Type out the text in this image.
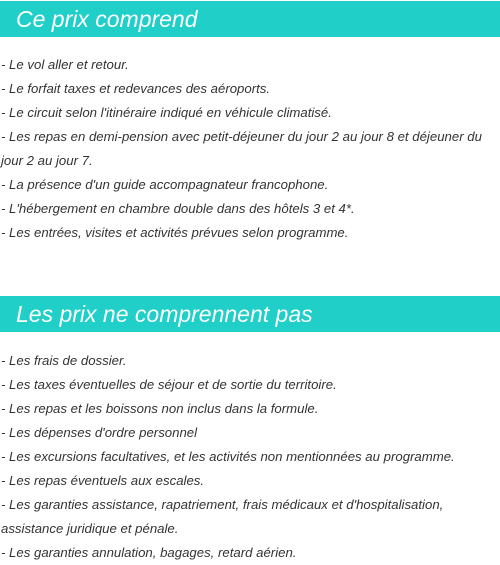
Ce prix comprend
- Le vol aller et retour.
- Le forfait taxes et redevances des aéroports.
- Le circuit selon l'itinéraire indiqué en véhicule climatisé.
- Les repas en demi-pension avec petit-déjeuner du jour 2 au jour 8 et déjeuner du jour 2 au jour 7.
- La présence d'un guide accompagnateur francophone.
- L'hébergement en chambre double dans des hôtels 3 et 4*.
- Les entrées, visites et activités prévues selon programme.
Les prix ne comprennent pas
- Les frais de dossier.
- Les taxes éventuelles de séjour et de sortie du territoire.
- Les repas et les boissons non inclus dans la formule.
- Les dépenses d'ordre personnel
- Les excursions facultatives, et les activités non mentionnées au programme.
- Les repas éventuels aux escales.
- Les garanties assistance, rapatriement, frais médicaux et d'hospitalisation, assistance juridique et pénale.
- Les garanties annulation, bagages, retard aérien.
